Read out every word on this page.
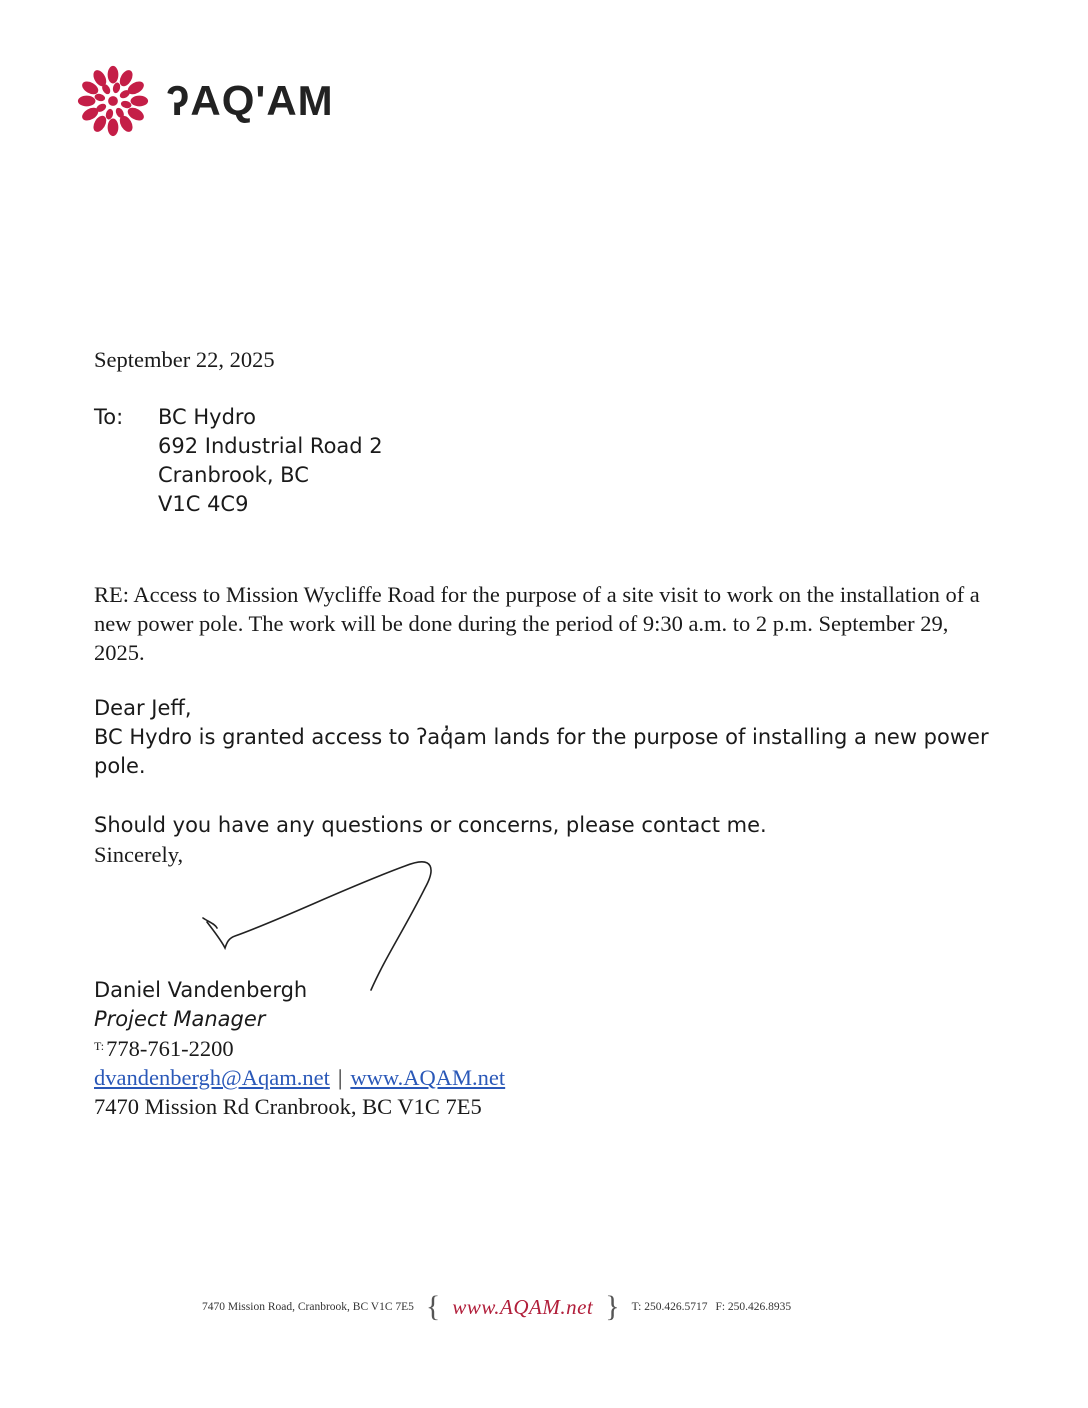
ʔAQ'AM
September 22, 2025
To: BC Hydro
692 Industrial Road 2
Cranbrook, BC
V1C 4C9
RE: Access to Mission Wycliffe Road for the purpose of a site visit to work on the installation of a new power pole. The work will be done during the period of 9:30 a.m. to 2 p.m. September 29, 2025.
Dear Jeff,
BC Hydro is granted access to ʔaq̓am lands for the purpose of installing a new power pole.
Should you have any questions or concerns, please contact me.
Sincerely,
Daniel Vandenbergh
Project Manager
$^{T:}$778-761-2200
dvandenbergh@Aqam.net | www.AQAM.net
7470 Mission Rd Cranbrook, BC V1C 7E5
7470 Mission Road, Cranbrook, BC V1C 7E5 { www.AQAM.net } T: 250.426.5717 F: 250.426.8935
